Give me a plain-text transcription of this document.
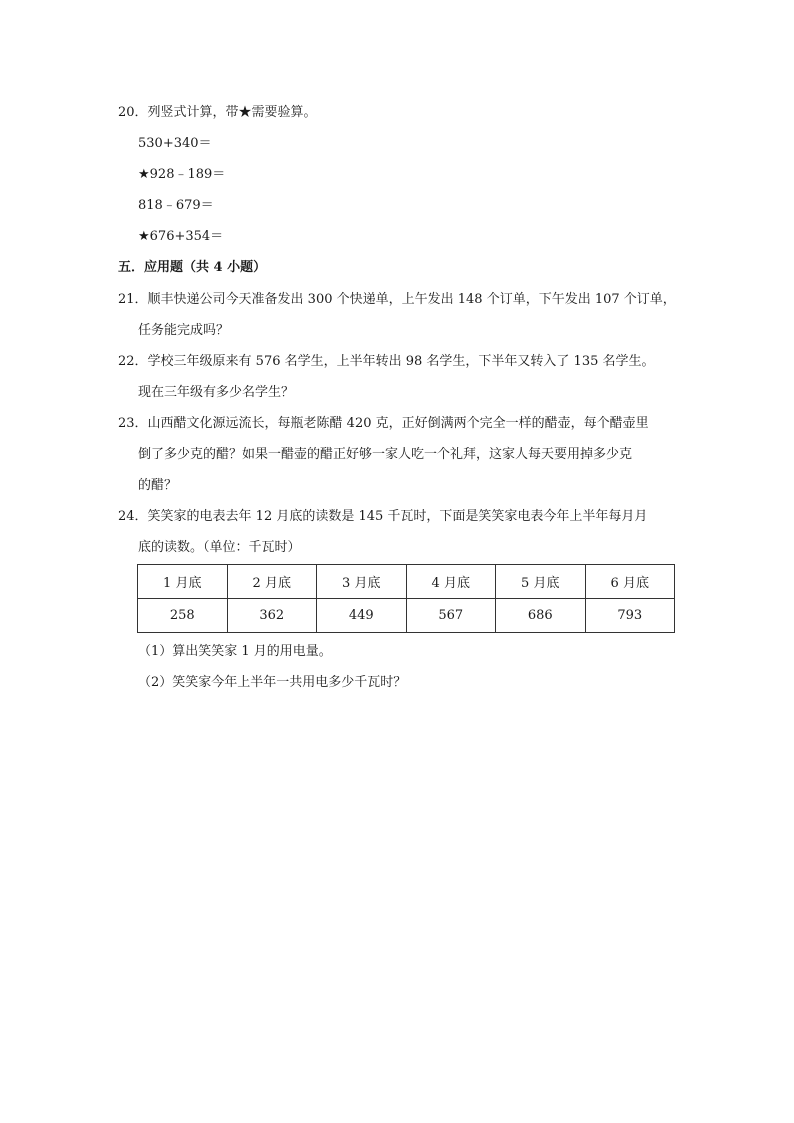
20．列竖式计算，带★需要验算。
530+340＝
★928﹣189＝
818﹣679＝
★676+354＝
五．应用题（共 4 小题）
21．顺丰快递公司今天准备发出 300 个快递单，上午发出 148 个订单，下午发出 107 个订单，
任务能完成吗？
22．学校三年级原来有 576 名学生，上半年转出 98 名学生，下半年又转入了 135 名学生。
现在三年级有多少名学生？
23．山西醋文化源远流长，每瓶老陈醋 420 克，正好倒满两个完全一样的醋壶，每个醋壶里
倒了多少克的醋？如果一醋壶的醋正好够一家人吃一个礼拜，这家人每天要用掉多少克
的醋？
24．笑笑家的电表去年 12 月底的读数是 145 千瓦时，下面是笑笑家电表今年上半年每月月
底的读数。（单位：千瓦时）
1 月底	2 月底	3 月底	4 月底	5 月底	6 月底
258	362	449	567	686	793
（1）算出笑笑家 1 月的用电量。
（2）笑笑家今年上半年一共用电多少千瓦时？
